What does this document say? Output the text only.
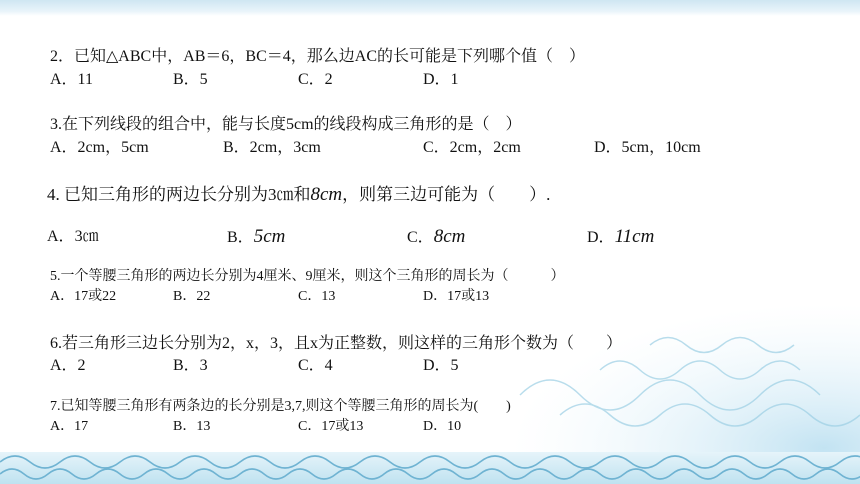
2．已知△ABC中，AB＝6，BC＝4，那么边AC的长可能是下列哪个值（　）
A．11	B．5	C．2	D．1
3.在下列线段的组合中，能与长度5cm的线段构成三角形的是（　）
A．2cm，5cm	B．2cm，3cm	C．2cm，2cm	D．5cm，10cm
4. 已知三角形的两边长分别为3㎝和8cm，则第三边可能为（　　）.
A．3㎝	B．5cm	C．8cm	D．11cm
5.一个等腰三角形的两边长分别为4厘米、9厘米，则这个三角形的周长为（　　　）
A．17或22	B．22	C．13	D．17或13
6.若三角形三边长分别为2，x，3，且x为正整数，则这样的三角形个数为（　　）
A．2	B．3	C．4	D．5
7.已知等腰三角形有两条边的长分别是3,7,则这个等腰三角形的周长为(　　)
A．17	B．13	C．17或13	D．10
